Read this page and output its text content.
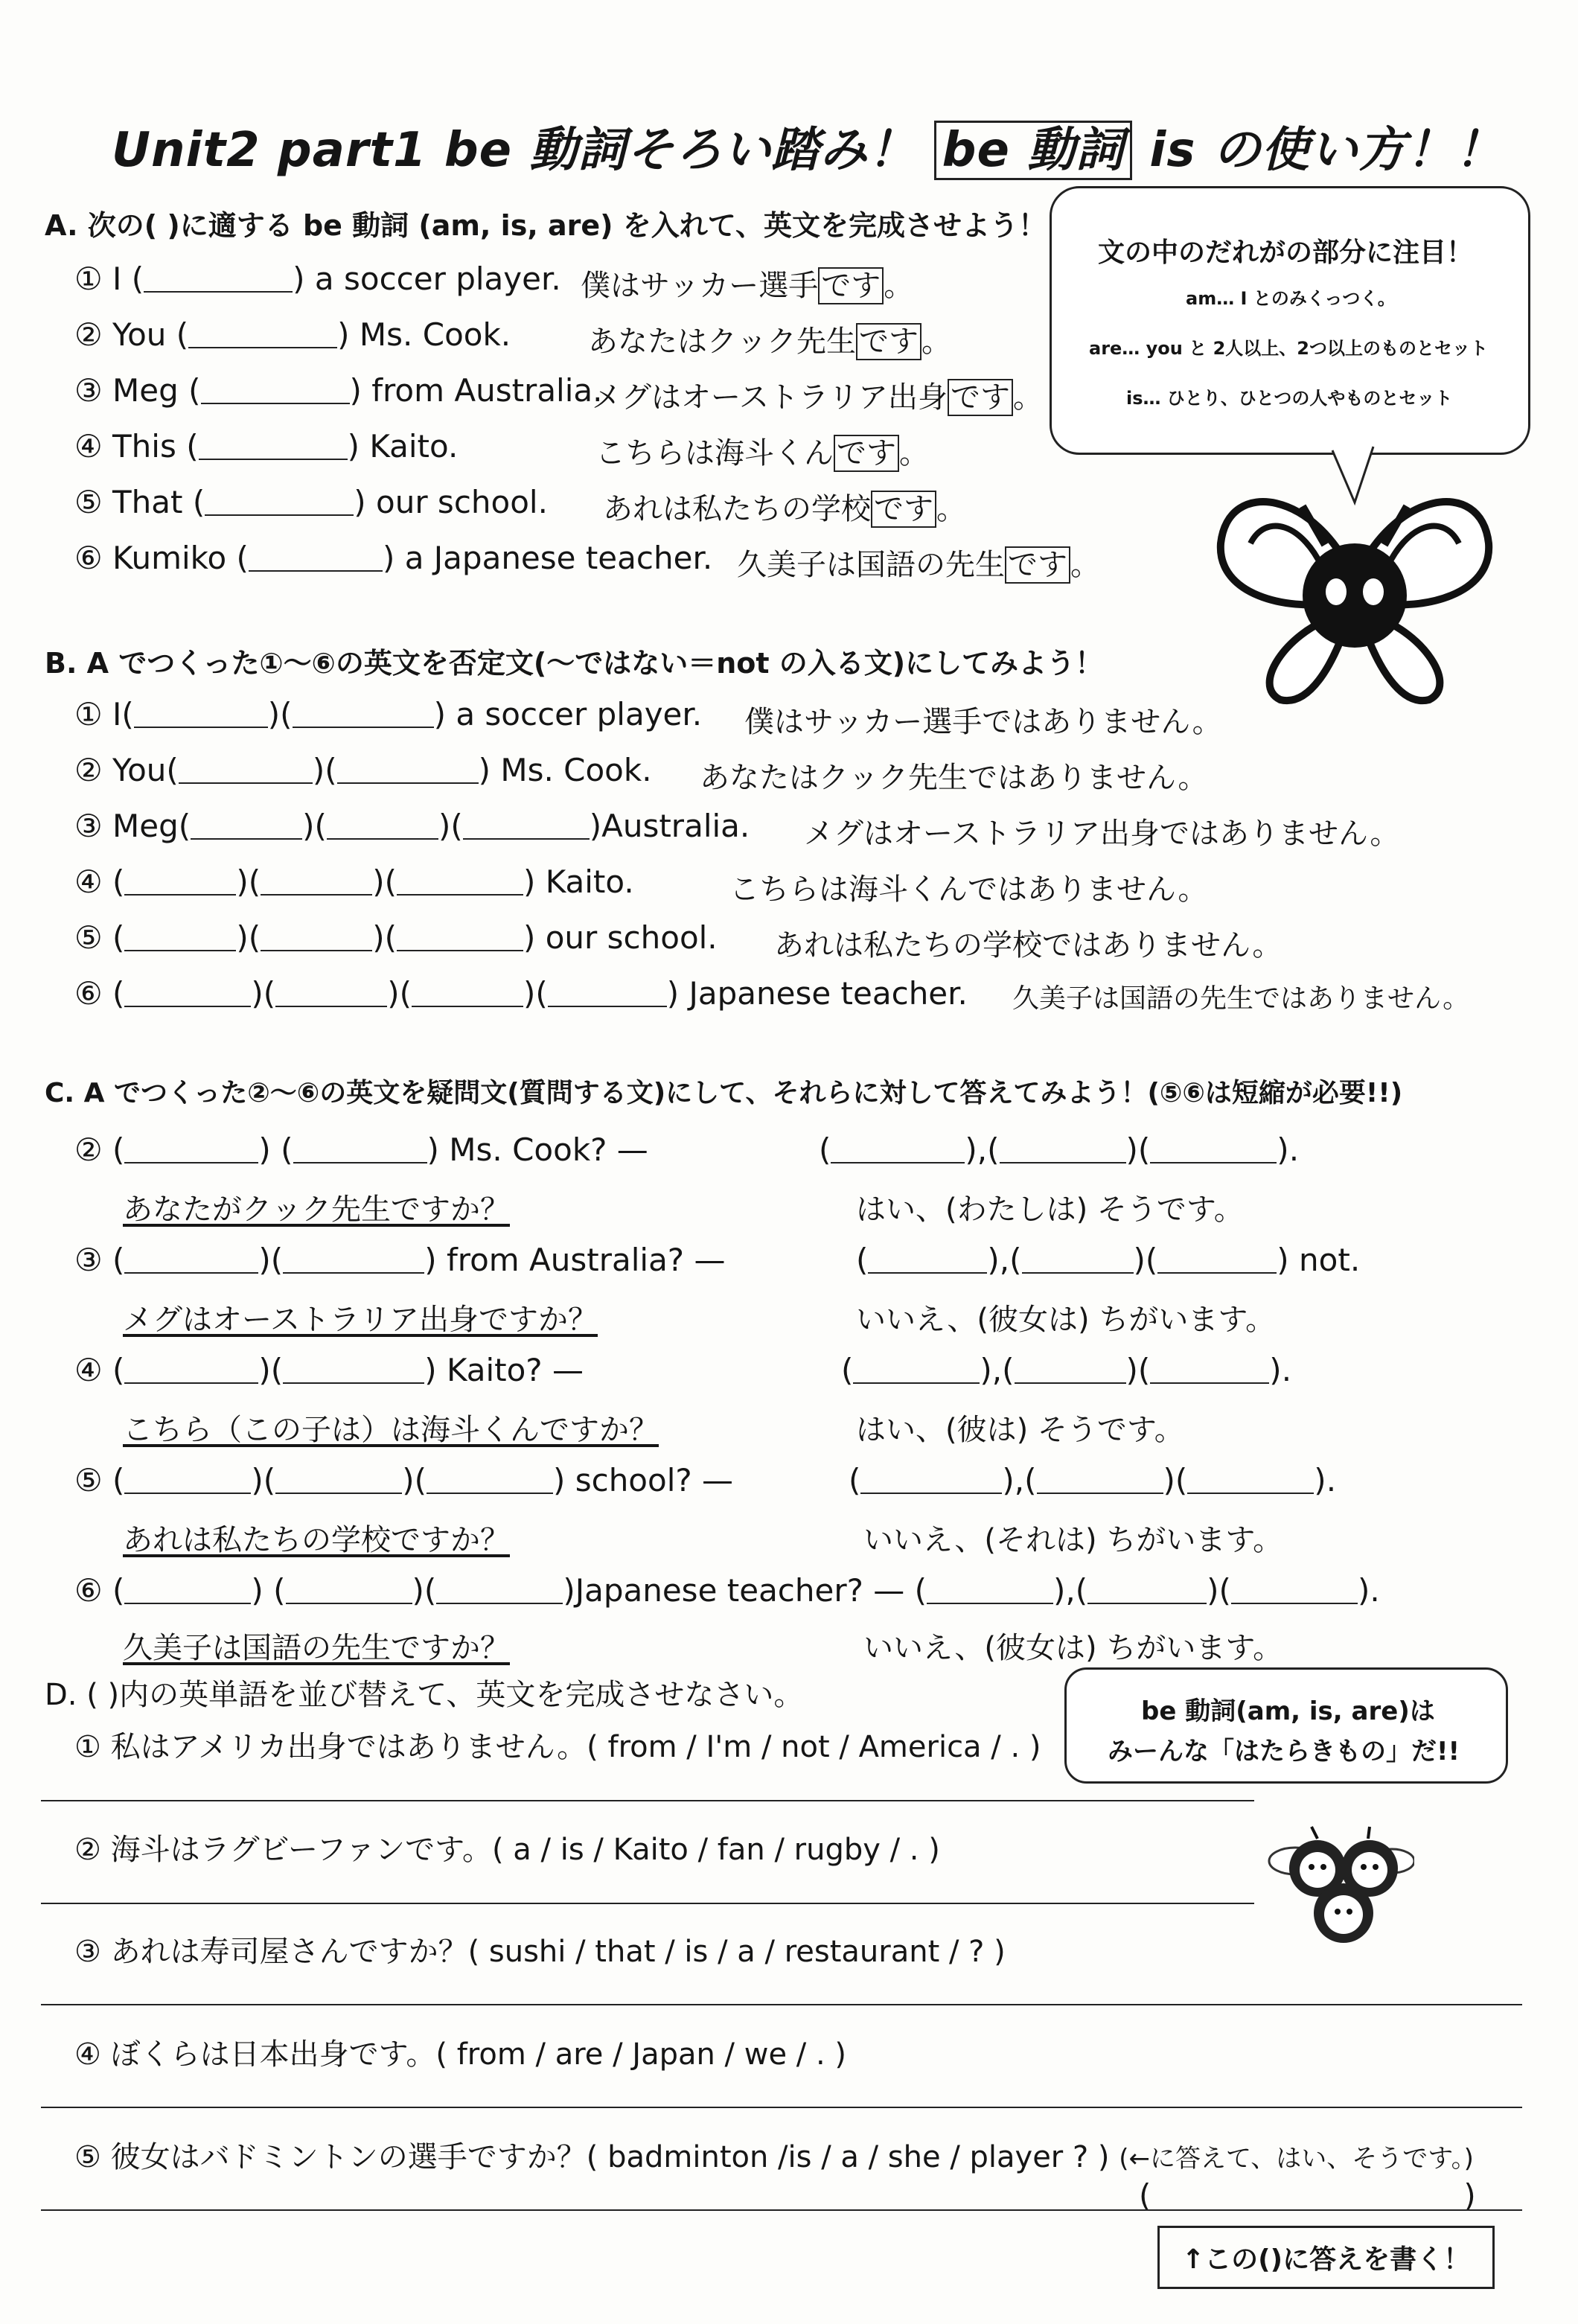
Unit2 part1 be 動詞そろい踏み！ be 動詞 is の使い方！！
A. 次の( )に適する be 動詞 (am, is, are) を入れて、英文を完成させよう！
① I (	) a soccer player. 僕はサッカー選手 です 。
② You (	) Ms. Cook.	あなたはクック先生 です 。
③ Meg (	) from Australia.
メグはオーストラリア出身 です 。
④ This (	) Kaito.	こちらは海斗くん です 。
⑤ That (	) our school. あれは私たちの学校 です 。
⑥ Kumiko (	) a Japanese teacher. 久美子は国語の先生 です 。
文の中のだれがの部分に注目！
am… I とのみくっつく。
are… you と 2人以上、2つ以上のものとセット
is… ひとり、ひとつの人やものとセット
B. A でつくった①～⑥の英文を否定文(～ではない＝not の入る文)にしてみよう！
① I(	)(	) a soccer player. 僕はサッカー選手ではありません。
② You(	)(	) Ms. Cook. あなたはクック先生ではありません。
③ Meg(	)(	)(	)Australia. メグはオーストラリア出身ではありません。
④ (	)(	)(	) Kaito.	こちらは海斗くんではありません。
⑤ (	)(	)(	) our school. あれは私たちの学校ではありません。
⑥ (	)(	)(	)(	) Japanese teacher. 久美子は国語の先生ではありません。
C. A でつくった②～⑥の英文を疑問文(質問する文)にして、それらに対して答えてみよう！(⑤⑥は短縮が必要!!)
② (	) (	) Ms. Cook? —	(	),(	)(	).
あなたがクック先生ですか？	はい、(わたしは) そうです。
③ (	)(	) from Australia? —	(	),(	)(	) not.
メグはオーストラリア出身ですか？	いいえ、(彼女は) ちがいます。
④ (	)(	) Kaito? —	(	),(	)(	).
こちら（この子は）は海斗くんですか？	はい、(彼は) そうです。
⑤ (	)(	)(	) school? —	(	),(	)(	).
あれは私たちの学校ですか？	いいえ、(それは) ちがいます。
⑥ (	) (	)(	)Japanese teacher? — (	),(	)(	).
久美子は国語の先生ですか？	いいえ、(彼女は) ちがいます。
D. ( )内の英単語を並び替えて、英文を完成させなさい。
① 私はアメリカ出身ではありません。( from / I'm / not / America / . )
② 海斗はラグビーファンです。( a / is / Kaito / fan / rugby / . )
③ あれは寿司屋さんですか？( sushi / that / is / a / restaurant / ? )
④ ぼくらは日本出身です。( from / are / Japan / we / . )
⑤ 彼女はバドミントンの選手ですか？( badminton /is / a / she / player ? ) (←に答えて、はい、そうです。)
(	)
be 動詞(am, is, are)は
みーんな「はたらきもの」だ!!
↑この()に答えを書く！
